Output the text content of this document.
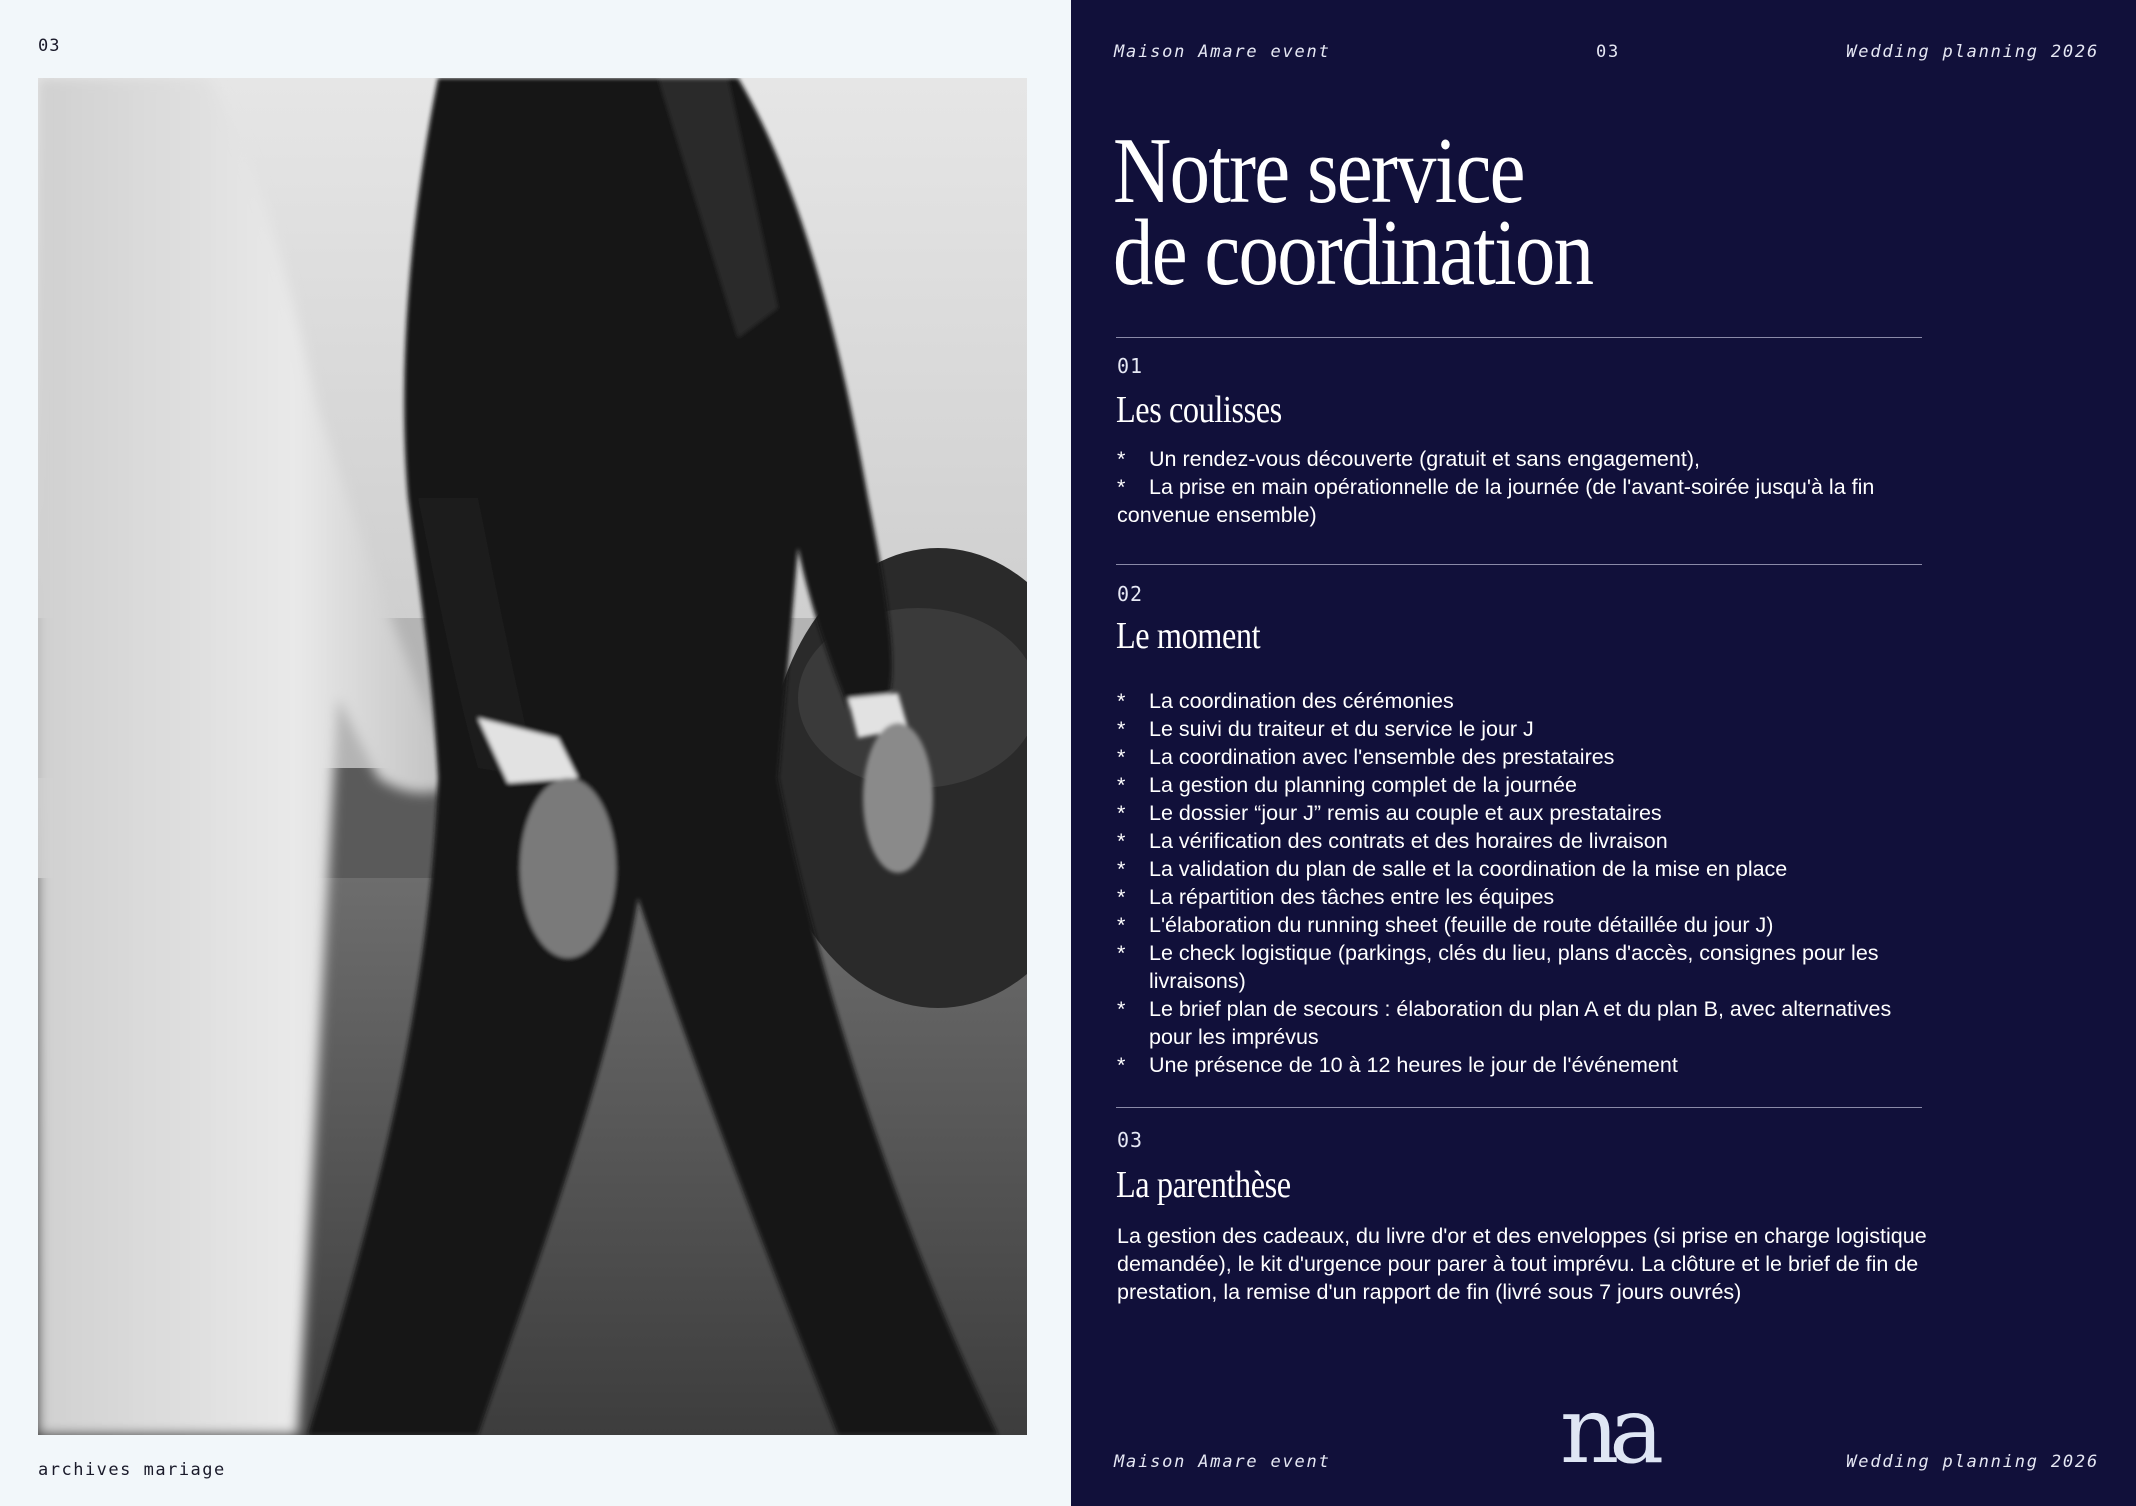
03
archives mariage
Maison Amare event	03	Wedding planning 2026
Notre service
de coordination
01
Les coulisses
* Un rendez-vous découverte (gratuit et sans engagement),
* La prise en main opérationnelle de la journée (de l'avant-soirée jusqu'à la fin convenue ensemble)
02
Le moment
* La coordination des cérémonies
* Le suivi du traiteur et du service le jour J
* La coordination avec l'ensemble des prestataires
* La gestion du planning complet de la journée
* Le dossier “jour J” remis au couple et aux prestataires
* La vérification des contrats et des horaires de livraison
* La validation du plan de salle et la coordination de la mise en place
* La répartition des tâches entre les équipes
* L'élaboration du running sheet (feuille de route détaillée du jour J)
* Le check logistique (parkings, clés du lieu, plans d'accès, consignes pour les livraisons)
* Le brief plan de secours : élaboration du plan A et du plan B, avec alternatives pour les imprévus
* Une présence de 10 à 12 heures le jour de l'événement
03
La parenthèse
La gestion des cadeaux, du livre d'or et des enveloppes (si prise en charge logistique demandée), le kit d'urgence pour parer à tout imprévu. La clôture et le brief de fin de prestation, la remise d'un rapport de fin (livré sous 7 jours ouvrés)
Maison Amare event na	Wedding planning 2026
